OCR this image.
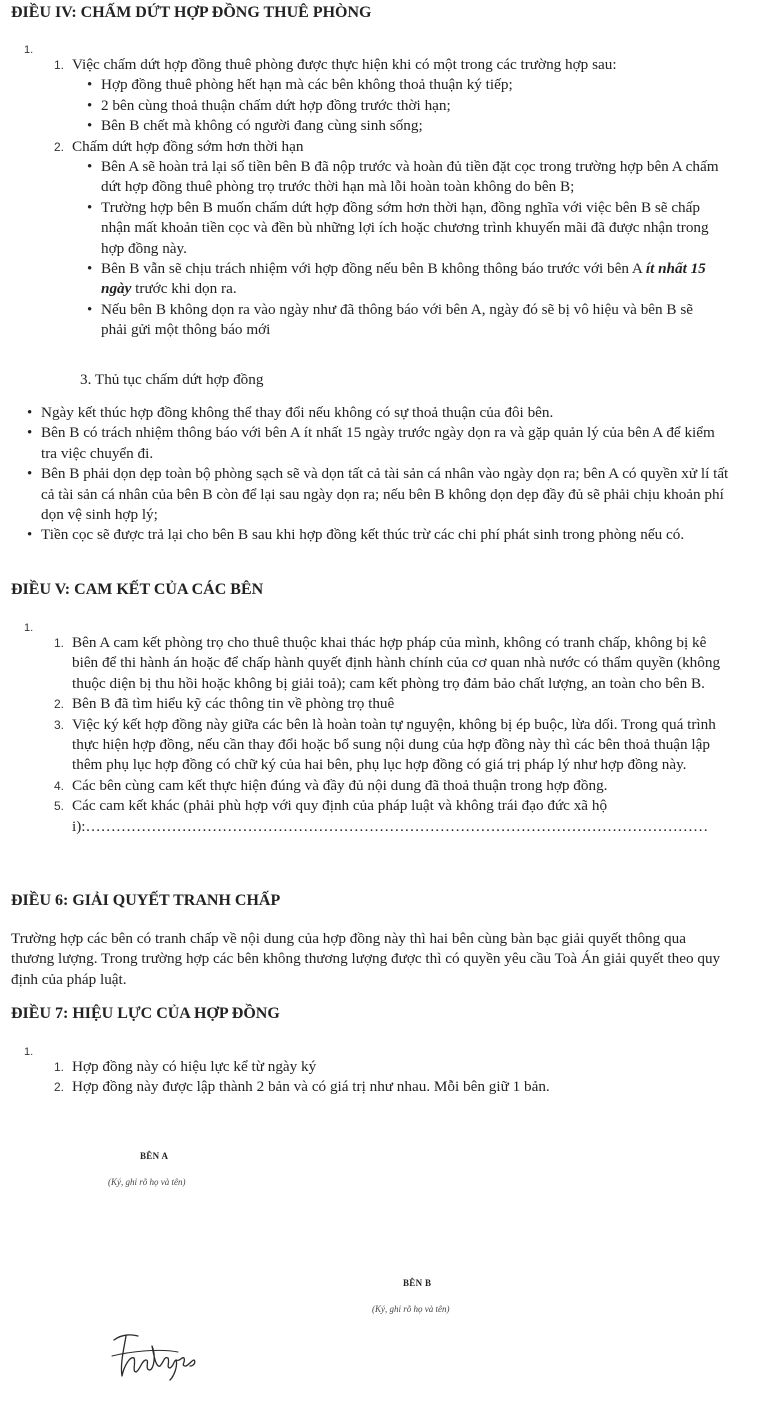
ĐIỀU IV: CHẤM DỨT HỢP ĐỒNG THUÊ PHÒNG
1.
1. Việc chấm dứt hợp đồng thuê phòng được thực hiện khi có một trong các trường hợp sau:
• Hợp đồng thuê phòng hết hạn mà các bên không thoả thuận ký tiếp;
• 2 bên cùng thoả thuận chấm dứt hợp đồng trước thời hạn;
• Bên B chết mà không có người đang cùng sinh sống;
2. Chấm dứt hợp đồng sớm hơn thời hạn
• Bên A sẽ hoàn trả lại số tiền bên B đã nộp trước và hoàn đủ tiền đặt cọc trong trường hợp bên A chấm dứt hợp đồng thuê phòng trọ trước thời hạn mà lỗi hoàn toàn không do bên B;
• Trường hợp bên B muốn chấm dứt hợp đồng sớm hơn thời hạn, đồng nghĩa với việc bên B sẽ chấp nhận mất khoản tiền cọc và đền bù những lợi ích hoặc chương trình khuyến mãi đã được nhận trong hợp đồng này.
• Bên B vẫn sẽ chịu trách nhiệm với hợp đồng nếu bên B không thông báo trước với bên A ít nhất 15 ngày trước khi dọn ra.
• Nếu bên B không dọn ra vào ngày như đã thông báo với bên A, ngày đó sẽ bị vô hiệu và bên B sẽ phải gửi một thông báo mới

3. Thủ tục chấm dứt hợp đồng

• Ngày kết thúc hợp đồng không thể thay đổi nếu không có sự thoả thuận của đôi bên.
• Bên B có trách nhiệm thông báo với bên A ít nhất 15 ngày trước ngày dọn ra và gặp quản lý của bên A để kiểm tra việc chuyển đi.
• Bên B phải dọn dẹp toàn bộ phòng sạch sẽ và dọn tất cả tài sản cá nhân vào ngày dọn ra; bên A có quyền xử lí tất cả tài sản cá nhân của bên B còn để lại sau ngày dọn ra; nếu bên B không dọn dẹp đầy đủ sẽ phải chịu khoản phí dọn vệ sinh hợp lý;
• Tiền cọc sẽ được trả lại cho bên B sau khi hợp đồng kết thúc trừ các chi phí phát sinh trong phòng nếu có.
ĐIỀU V: CAM KẾT CỦA CÁC BÊN
1.
1. Bên A cam kết phòng trọ cho thuê thuộc khai thác hợp pháp của mình, không có tranh chấp, không bị kê biên để thi hành án hoặc để chấp hành quyết định hành chính của cơ quan nhà nước có thẩm quyền (không thuộc diện bị thu hồi hoặc không bị giải toả); cam kết phòng trọ đảm bảo chất lượng, an toàn cho bên B.
2. Bên B đã tìm hiểu kỹ các thông tin về phòng trọ thuê
3. Việc ký kết hợp đồng này giữa các bên là hoàn toàn tự nguyện, không bị ép buộc, lừa dối. Trong quá trình thực hiện hợp đồng, nếu cần thay đổi hoặc bổ sung nội dung của hợp đồng này thì các bên thoả thuận lập thêm phụ lục hợp đồng có chữ ký của hai bên, phụ lục hợp đồng có giá trị pháp lý như hợp đồng này.
4. Các bên cùng cam kết thực hiện đúng và đầy đủ nội dung đã thoả thuận trong hợp đồng.
5. Các cam kết khác (phải phù hợp với quy định của pháp luật và không trái đạo đức xã hội):……………………………………………………………………………………………………………
ĐIỀU 6: GIẢI QUYẾT TRANH CHẤP

Trường hợp các bên có tranh chấp về nội dung của hợp đồng này thì hai bên cùng bàn bạc giải quyết thông qua thương lượng. Trong trường hợp các bên không thương lượng được thì có quyền yêu cầu Toà Án giải quyết theo quy định của pháp luật.

ĐIỀU 7: HIỆU LỰC CỦA HỢP ĐỒNG
1.
1. Hợp đồng này có hiệu lực kể từ ngày ký
2. Hợp đồng này được lập thành 2 bản và có giá trị như nhau. Mỗi bên giữ 1 bản.
BÊN A
(Ký, ghi rõ họ và tên)
BÊN B
(Ký, ghi rõ họ và tên)
